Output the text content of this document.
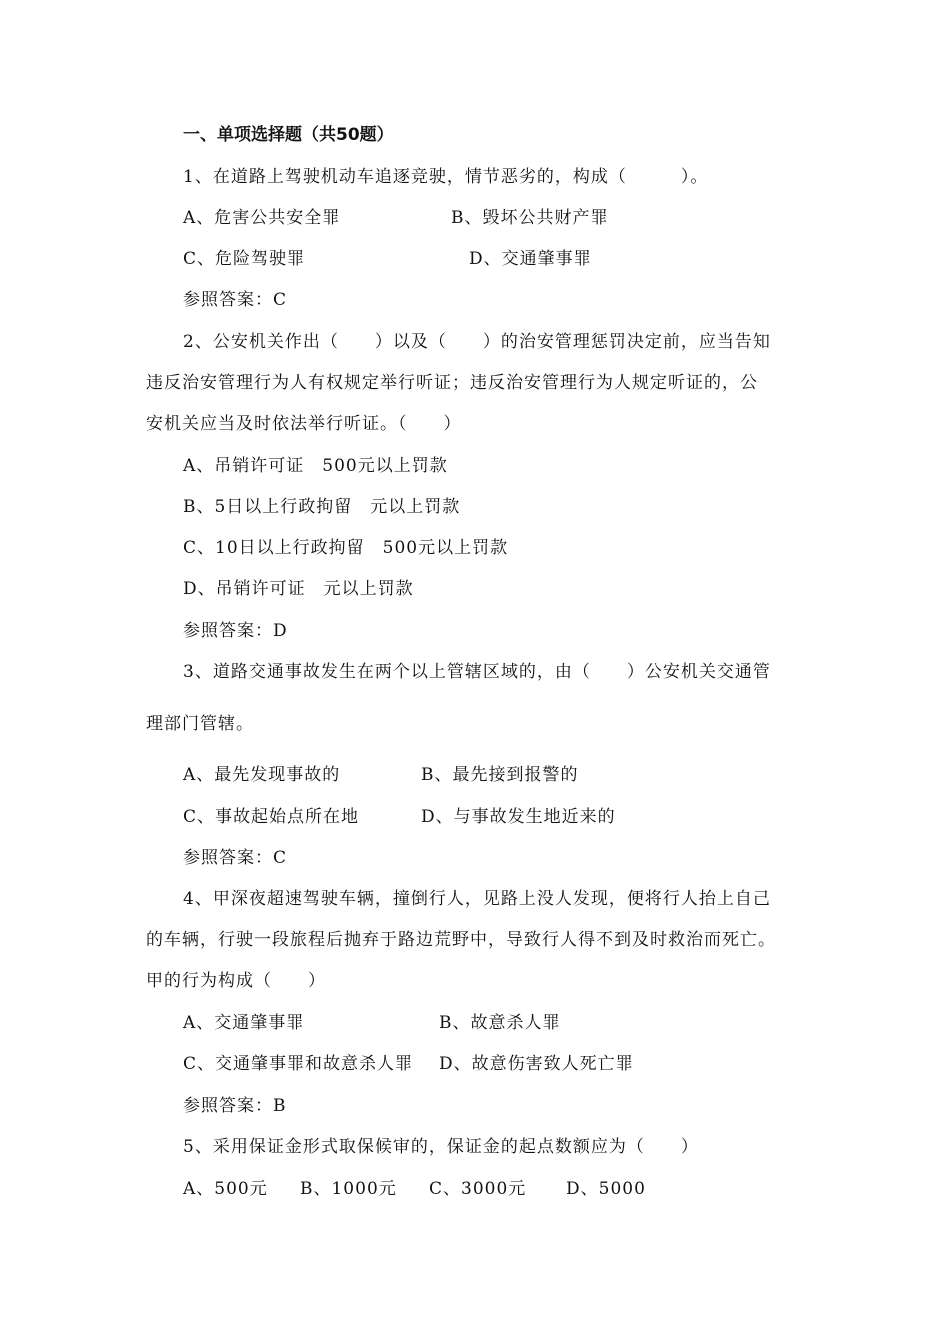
一、单项选择题（共50题）
1、在道路上驾驶机动车追逐竞驶，情节恶劣的，构成（　　　）。
A、危害公共安全罪	B、毁坏公共财产罪
C、危险驾驶罪	D、交通肇事罪
参照答案：C
2、公安机关作出（　　）以及（　　）的治安管理惩罚决定前，应当告知
违反治安管理行为人有权规定举行听证；违反治安管理行为人规定听证的，公
安机关应当及时依法举行听证。（　　）
A、吊销许可证　500元以上罚款
B、5日以上行政拘留　元以上罚款
C、10日以上行政拘留　500元以上罚款
D、吊销许可证　元以上罚款
参照答案：D
3、道路交通事故发生在两个以上管辖区域的，由（　　）公安机关交通管
理部门管辖。
A、最先发现事故的	B、最先接到报警的
C、事故起始点所在地	D、与事故发生地近来的
参照答案：C
4、甲深夜超速驾驶车辆，撞倒行人，见路上没人发现，便将行人抬上自己
的车辆，行驶一段旅程后抛弃于路边荒野中，导致行人得不到及时救治而死亡。
甲的行为构成（　　）
A、交通肇事罪	B、故意杀人罪
C、交通肇事罪和故意杀人罪 D、故意伤害致人死亡罪
参照答案：B
5、采用保证金形式取保候审的，保证金的起点数额应为（　　）
A、500元 B、1000元 C、3000元 D、5000
